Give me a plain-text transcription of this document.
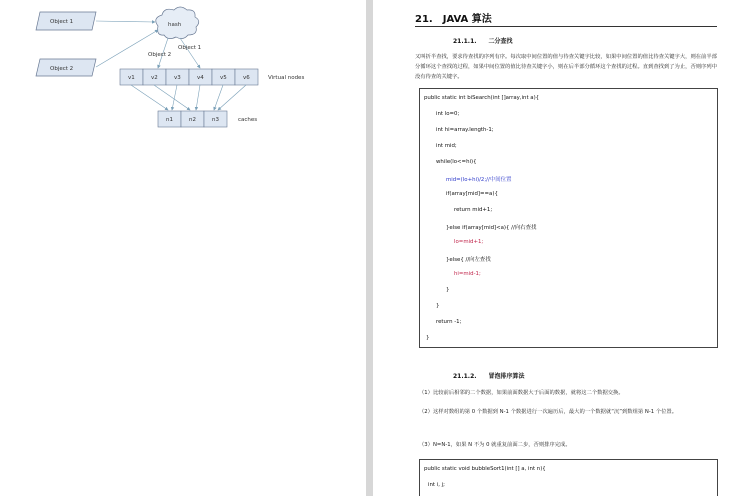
Object 1
Object 2
hash
Object 2
Object 1
v1	v2	v3	v4	v5	v6	Virtual nodes
n1	n2	n3	caches
21. JAVA 算法
21.1.1. 二分查找
又叫折半查找，要求待查找的序列有序。每次取中间位置的值与待查关键字比较，如果中间位置的值比待查关键字大，则在前半部分循环这个查找的过程，如果中间位置的值比待查关键字小，则在后半部分循环这个查找的过程。直到查找到了为止，否则序列中没有待查的关键字。
public static int biSearch(int []array,int a){
int lo=0;
int hi=array.length-1;
int mid;
while(lo<=hi){
mid=(lo+hi)/2;//中间位置
if(array[mid]==a){
return mid+1;
}else if(array[mid]<a){ //向右查找
lo=mid+1;
}else{ //向左查找
hi=mid-1;
}
}
return -1;
}
21.1.2. 冒泡排序算法
（1）比较前后相邻的二个数据，如果前面数据大于后面的数据，就将这二个数据交换。
（2）这样对数组的第 0 个数据到 N-1 个数据进行一次遍历后，最大的一个数据就“沉”到数组第 N-1 个位置。
（3）N=N-1，如果 N 不为 0 就重复前面二步，否则排序完成。
public static void bubbleSort1(int [] a, int n){
int i, j;
